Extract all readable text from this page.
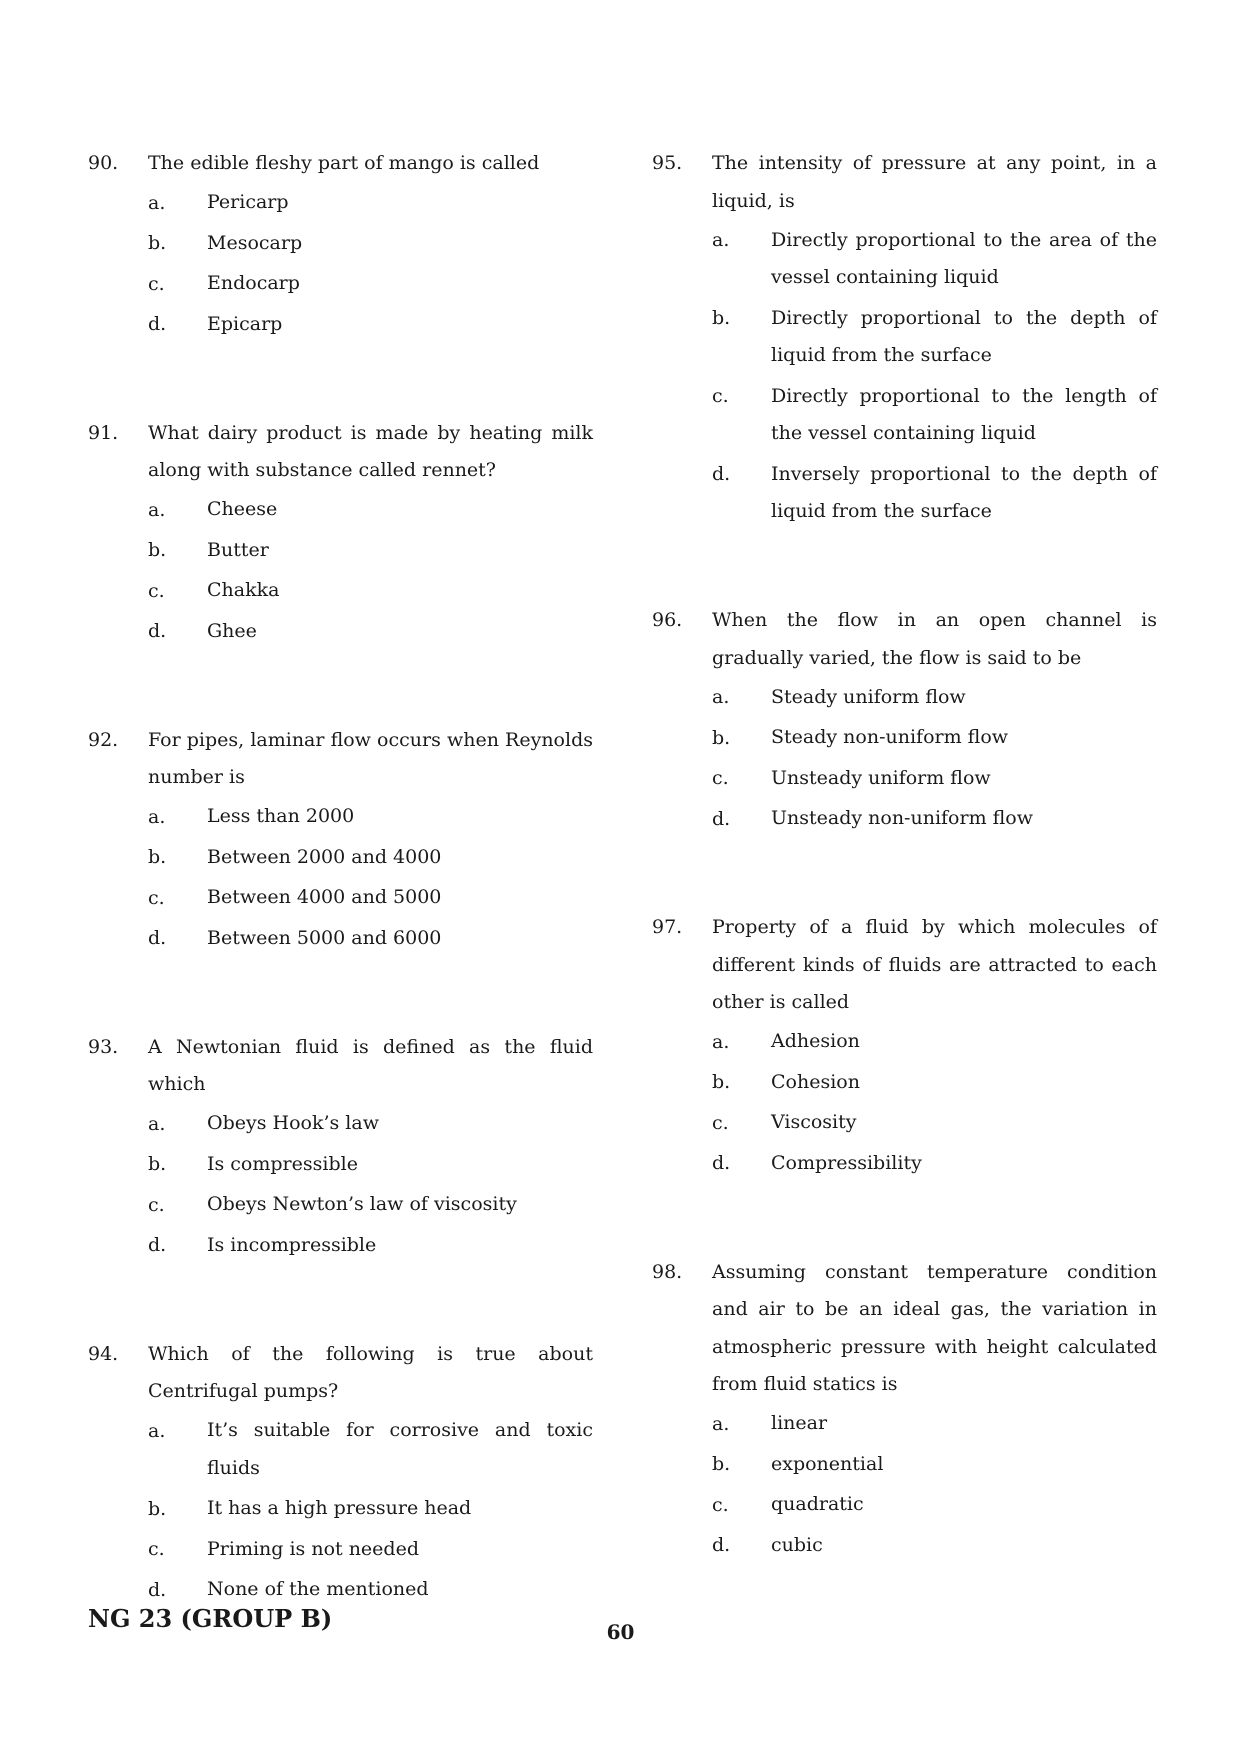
90.	The edible fleshy part of mango is called
a.	Pericarp
b.	Mesocarp
c.	Endocarp
d.	Epicarp
91.	What dairy product is made by heating milk along with substance called rennet?
a.	Cheese
b.	Butter
c.	Chakka
d.	Ghee
92.	For pipes, laminar flow occurs when Reynolds number is
a.	Less than 2000
b.	Between 2000 and 4000
c.	Between 4000 and 5000
d.	Between 5000 and 6000
93.	A Newtonian fluid is defined as the fluid which
a.	Obeys Hook’s law
b.	Is compressible
c.	Obeys Newton’s law of viscosity
d.	Is incompressible
94.	Which of the following is true about Centrifugal pumps?
a.	It’s suitable for corrosive and toxic fluids
b.	It has a high pressure head
c.	Priming is not needed
d.	None of the mentioned
95.	The intensity of pressure at any point, in a liquid, is
a.	Directly proportional to the area of the vessel containing liquid
b.	Directly proportional to the depth of liquid from the surface
c.	Directly proportional to the length of the vessel containing liquid
d.	Inversely proportional to the depth of liquid from the surface
96.	When the flow in an open channel is gradually varied, the flow is said to be
a.	Steady uniform flow
b.	Steady non-uniform flow
c.	Unsteady uniform flow
d.	Unsteady non-uniform flow
97.	Property of a fluid by which molecules of different kinds of fluids are attracted to each other is called
a.	Adhesion
b.	Cohesion
c.	Viscosity
d.	Compressibility
98.	Assuming constant temperature condition and air to be an ideal gas, the variation in atmospheric pressure with height calculated from fluid statics is
a.	linear
b.	exponential
c.	quadratic
d.	cubic
NG 23 (GROUP B)	60
